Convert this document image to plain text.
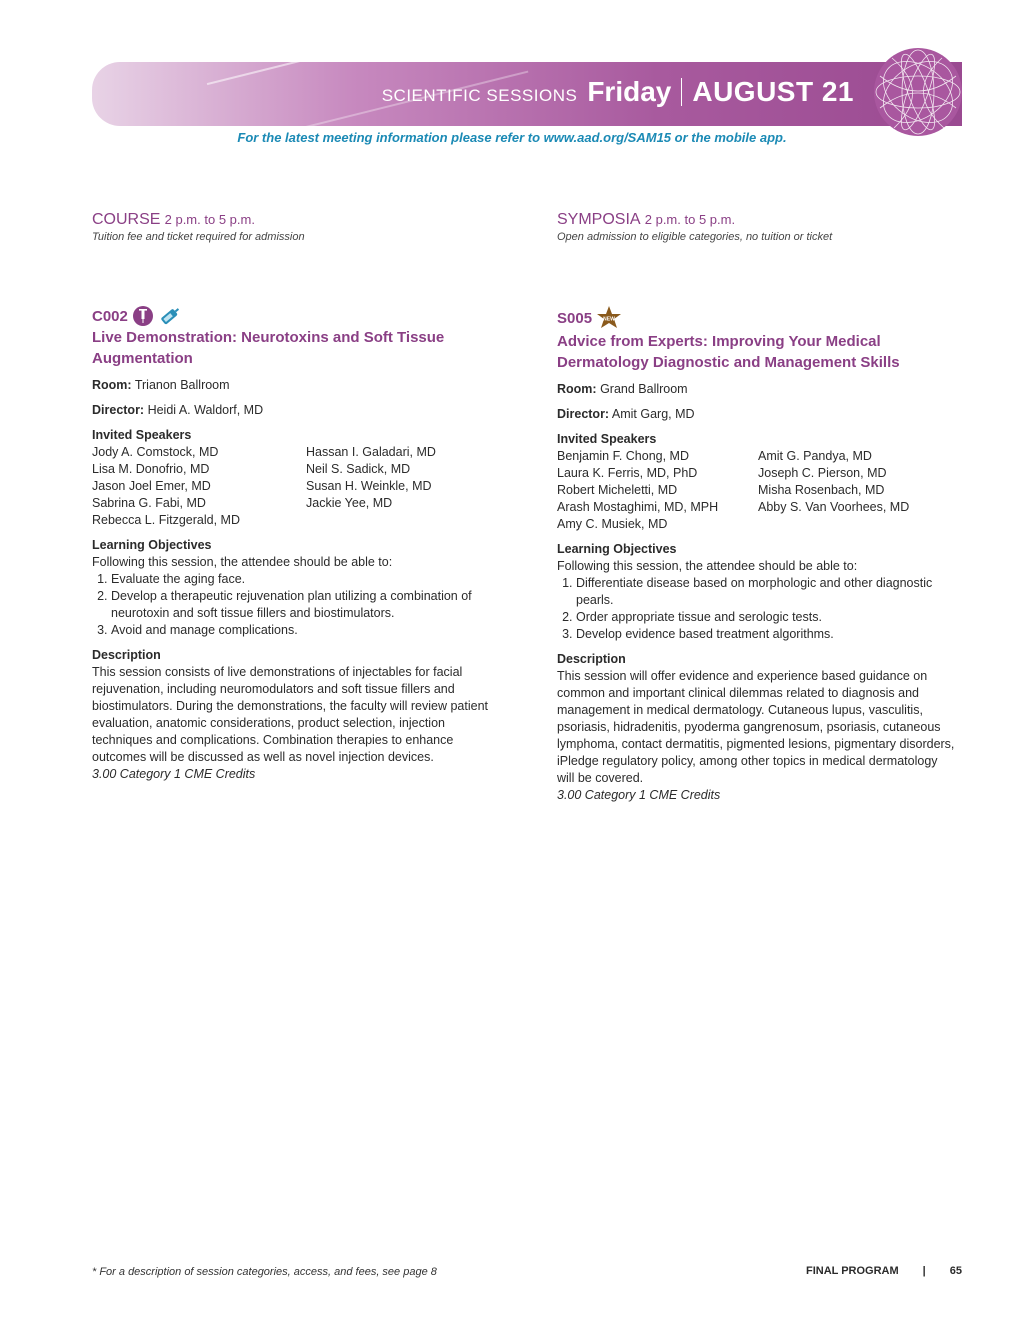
SCIENTIFIC SESSIONS Friday AUGUST 21
For the latest meeting information please refer to www.aad.org/SAM15 or the mobile app.
COURSE 2 p.m. to 5 p.m.
Tuition fee and ticket required for admission
C002
Live Demonstration: Neurotoxins and Soft Tissue Augmentation
Room: Trianon Ballroom
Director: Heidi A. Waldorf, MD
Invited Speakers
Jody A. Comstock, MD
Lisa M. Donofrio, MD
Jason Joel Emer, MD
Sabrina G. Fabi, MD
Rebecca L. Fitzgerald, MD
Hassan I. Galadari, MD
Neil S. Sadick, MD
Susan H. Weinkle, MD
Jackie Yee, MD
Learning Objectives
Following this session, the attendee should be able to:
1. Evaluate the aging face.
2. Develop a therapeutic rejuvenation plan utilizing a combination of neurotoxin and soft tissue fillers and biostimulators.
3. Avoid and manage complications.
Description
This session consists of live demonstrations of injectables for facial rejuvenation, including neuromodulators and soft tissue fillers and biostimulators. During the demonstrations, the faculty will review patient evaluation, anatomic considerations, product selection, injection techniques and complications. Combination therapies to enhance outcomes will be discussed as well as novel injection devices.
3.00 Category 1 CME Credits
SYMPOSIA 2 p.m. to 5 p.m.
Open admission to eligible categories, no tuition or ticket
S005 NEW
Advice from Experts: Improving Your Medical Dermatology Diagnostic and Management Skills
Room: Grand Ballroom
Director: Amit Garg, MD
Invited Speakers
Benjamin F. Chong, MD
Laura K. Ferris, MD, PhD
Robert Micheletti, MD
Arash Mostaghimi, MD, MPH
Amy C. Musiek, MD
Amit G. Pandya, MD
Joseph C. Pierson, MD
Misha Rosenbach, MD
Abby S. Van Voorhees, MD
Learning Objectives
Following this session, the attendee should be able to:
1. Differentiate disease based on morphologic and other diagnostic pearls.
2. Order appropriate tissue and serologic tests.
3. Develop evidence based treatment algorithms.
Description
This session will offer evidence and experience based guidance on common and important clinical dilemmas related to diagnosis and management in medical dermatology. Cutaneous lupus, vasculitis, psoriasis, hidradenitis, pyoderma gangrenosum, psoriasis, cutaneous lymphoma, contact dermatitis, pigmented lesions, pigmentary disorders, iPledge regulatory policy, among other topics in medical dermatology will be covered.
3.00 Category 1 CME Credits
* For a description of session categories, access, and fees, see page 8	FINAL PROGRAM | 65
